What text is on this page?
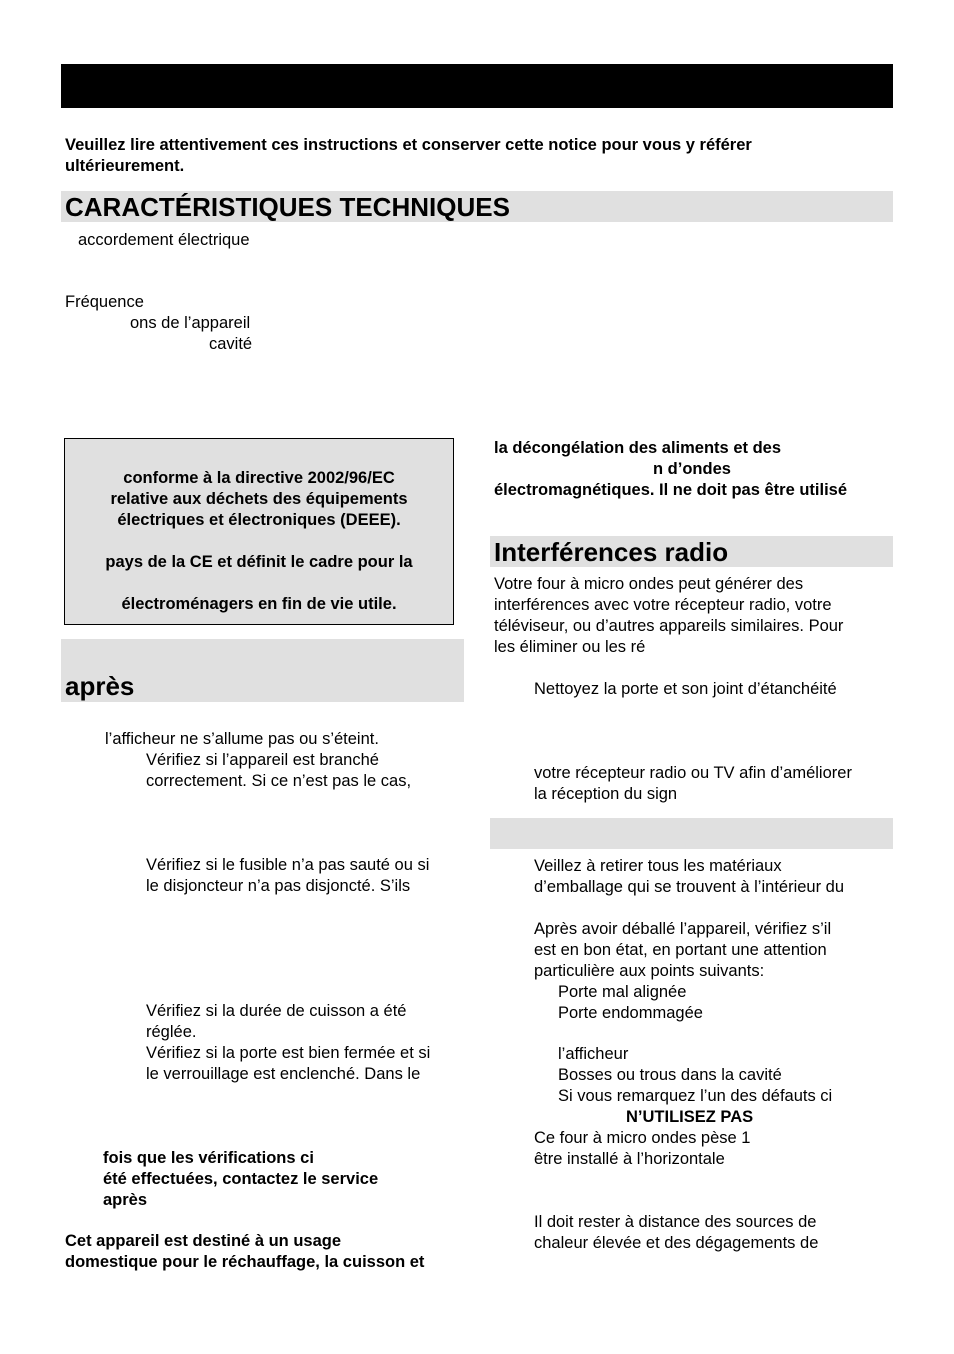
Veuillez lire attentivement ces instructions et conserver cette notice pour vous y référer
ultérieurement.
CARACTÉRISTIQUES TECHNIQUES
accordement électrique
Fréquence
ons de l’appareil
cavité
conforme à la directive 2002/96/EC
relative aux déchets des équipements
électriques et électroniques (DEEE).
pays de la CE et définit le cadre pour la
électroménagers en fin de vie utile.
après
l’afficheur ne s’allume pas ou s’éteint.
Vérifiez si l’appareil est branché
correctement. Si ce n’est pas le cas,
Vérifiez si le fusible n’a pas sauté ou si
le disjoncteur n’a pas disjoncté. S’ils
Vérifiez si la durée de cuisson a été
réglée.
Vérifiez si la porte est bien fermée et si
le verrouillage est enclenché. Dans le
fois que les vérifications ci
été effectuées, contactez le service
après
Cet appareil est destiné à un usage
domestique pour le réchauffage, la cuisson et
la décongélation des aliments et des
n d’ondes
électromagnétiques. Il ne doit pas être utilisé
Interférences radio
Votre four à micro ondes peut générer des
interférences avec votre récepteur radio, votre
téléviseur, ou d’autres appareils similaires. Pour
les éliminer ou les ré
Nettoyez la porte et son joint d’étanchéité
votre récepteur radio ou TV afin d’améliorer
la réception du sign
Veillez à retirer tous les matériaux
d’emballage qui se trouvent à l’intérieur du
Après avoir déballé l’appareil, vérifiez s’il
est en bon état, en portant une attention
particulière aux points suivants:
Porte mal alignée
Porte endommagée
l’afficheur
Bosses ou trous dans la cavité
Si vous remarquez l’un des défauts ci
N’UTILISEZ PAS
Ce four à micro ondes pèse 1
être installé à l’horizontale
Il doit rester à distance des sources de
chaleur élevée et des dégagements de
